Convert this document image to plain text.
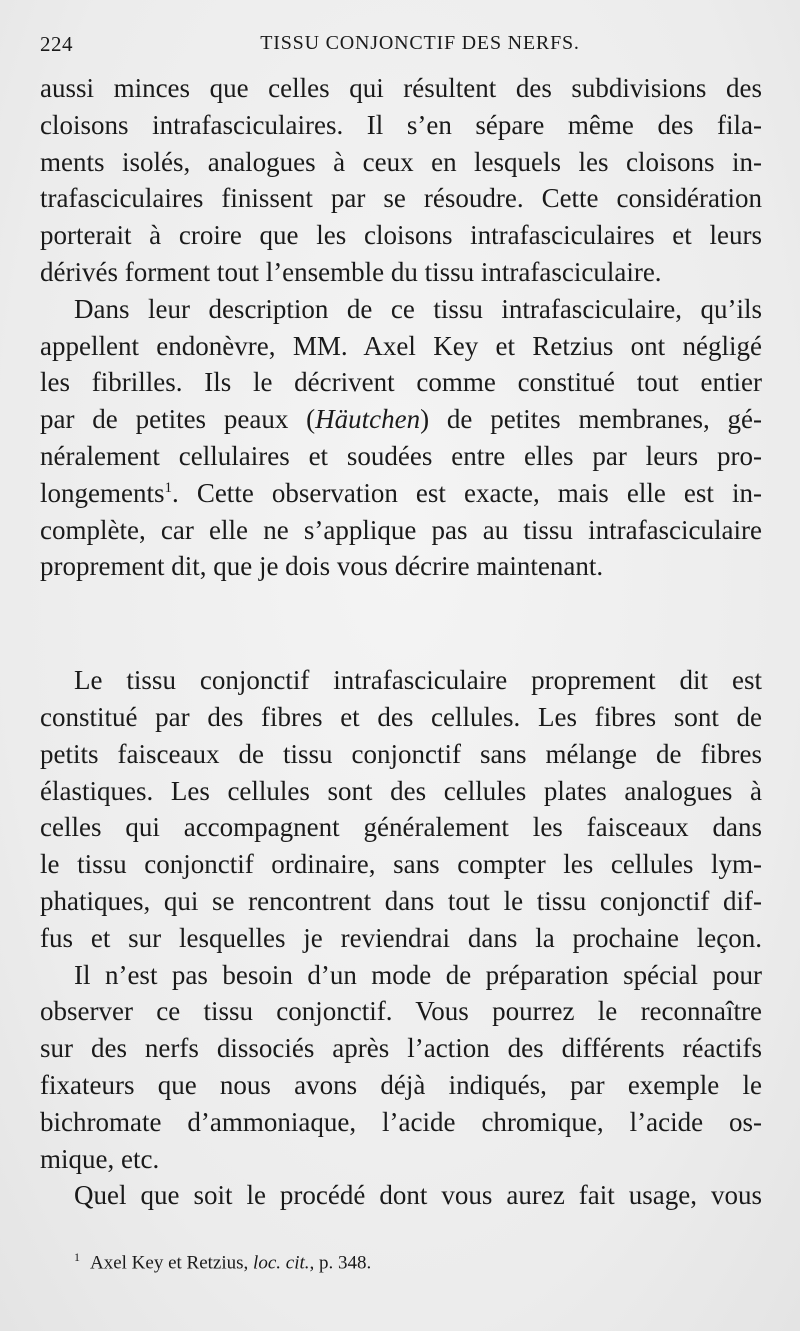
224	TISSU CONJONCTIF DES NERFS.
aussi minces que celles qui résultent des subdivisions des
cloisons intrafasciculaires. Il s’en sépare même des fila-
ments isolés, analogues à ceux en lesquels les cloisons in-
trafasciculaires finissent par se résoudre. Cette considération
porterait à croire que les cloisons intrafasciculaires et leurs
dérivés forment tout l’ensemble du tissu intrafasciculaire.
Dans leur description de ce tissu intrafasciculaire, qu’ils
appellent endonèvre, MM. Axel Key et Retzius ont négligé
les fibrilles. Ils le décrivent comme constitué tout entier
par de petites peaux (Häutchen) de petites membranes, gé-
néralement cellulaires et soudées entre elles par leurs pro-
longements$^1$. Cette observation est exacte, mais elle est in-
complète, car elle ne s’applique pas au tissu intrafasciculaire
proprement dit, que je dois vous décrire maintenant.
Le tissu conjonctif intrafasciculaire proprement dit est
constitué par des fibres et des cellules. Les fibres sont de
petits faisceaux de tissu conjonctif sans mélange de fibres
élastiques. Les cellules sont des cellules plates analogues à
celles qui accompagnent généralement les faisceaux dans
le tissu conjonctif ordinaire, sans compter les cellules lym-
phatiques, qui se rencontrent dans tout le tissu conjonctif dif-
fus et sur lesquelles je reviendrai dans la prochaine leçon.
Il n’est pas besoin d’un mode de préparation spécial pour
observer ce tissu conjonctif. Vous pourrez le reconnaître
sur des nerfs dissociés après l’action des différents réactifs
fixateurs que nous avons déjà indiqués, par exemple le
bichromate d’ammoniaque, l’acide chromique, l’acide os-
mique, etc.
Quel que soit le procédé dont vous aurez fait usage, vous
$^1$ Axel Key et Retzius, loc. cit., p. 348.
